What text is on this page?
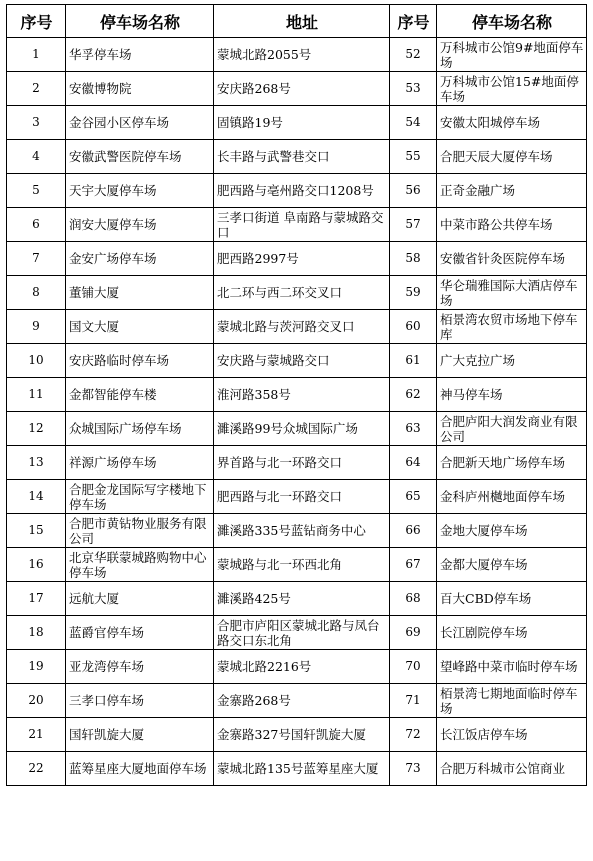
序号	停车场名称	地址	序号	停车场名称
1	华孚停车场	蒙城北路2055号	52	万科城市公馆9#地面停车场
2	安徽博物院	安庆路268号	53	万科城市公馆15#地面停车场
3	金谷园小区停车场	固镇路19号	54	安徽太阳城停车场
4	安徽武警医院停车场	长丰路与武警巷交口	55	合肥天辰大厦停车场
5	天宇大厦停车场	肥西路与亳州路交口1208号	56	正奇金融广场
6	润安大厦停车场	三孝口街道 阜南路与蒙城路交口	57	中菜市路公共停车场
7	金安广场停车场	肥西路2997号	58	安徽省针灸医院停车场
8	董铺大厦	北二环与西二环交叉口	59	华仑瑞雅国际大酒店停车场
9	国文大厦	蒙城北路与茨河路交叉口	60	栢景湾农贸市场地下停车库
10	安庆路临时停车场	安庆路与蒙城路交口	61	广大克拉广场
11	金都智能停车楼	淮河路358号	62	神马停车场
12	众城国际广场停车场	濉溪路99号众城国际广场	63	合肥庐阳大润发商业有限公司
13	祥源广场停车场	界首路与北一环路交口	64	合肥新天地广场停车场
14	合肥金龙国际写字楼地下停车场	肥西路与北一环路交口	65	金科庐州樾地面停车场
15	合肥市黄钻物业服务有限公司	濉溪路335号蓝钻商务中心	66	金地大厦停车场
16	北京华联蒙城路购物中心停车场	蒙城路与北一环西北角	67	金都大厦停车场
17	远航大厦	濉溪路425号	68	百大CBD停车场
18	蓝爵官停车场	合肥市庐阳区蒙城北路与凤台路交口东北角	69	长江剧院停车场
19	亚龙湾停车场	蒙城北路2216号	70	望峰路中菜市临时停车场
20	三孝口停车场	金寨路268号	71	栢景湾七期地面临时停车场
21	国轩凯旋大厦	金寨路327号国轩凯旋大厦	72	长江饭店停车场
22	蓝筹星座大厦地面停车场	蒙城北路135号蓝筹星座大厦	73	合肥万科城市公馆商业
